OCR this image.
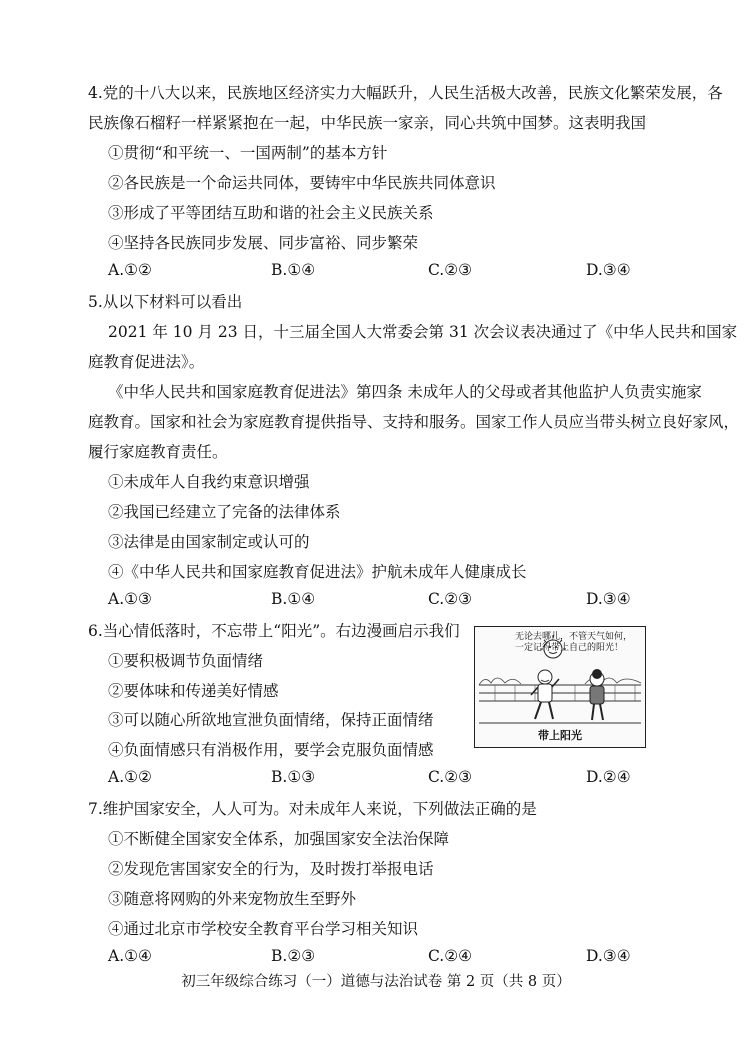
4.党的十八大以来，民族地区经济实力大幅跃升，人民生活极大改善，民族文化繁荣发展，各
民族像石榴籽一样紧紧抱在一起，中华民族一家亲，同心共筑中国梦。这表明我国
①贯彻“和平统一、一国两制”的基本方针
②各民族是一个命运共同体，要铸牢中华民族共同体意识
③形成了平等团结互助和谐的社会主义民族关系
④坚持各民族同步发展、同步富裕、同步繁荣
A.①②	B.①④	C.②③	D.③④
5.从以下材料可以看出
2021 年 10 月 23 日，十三届全国人大常委会第 31 次会议表决通过了《中华人民共和国家
庭教育促进法》。
《中华人民共和国家庭教育促进法》第四条 未成年人的父母或者其他监护人负责实施家
庭教育。国家和社会为家庭教育提供指导、支持和服务。国家工作人员应当带头树立良好家风，
履行家庭教育责任。
①未成年人自我约束意识增强
②我国已经建立了完备的法律体系
③法律是由国家制定或认可的
④《中华人民共和国家庭教育促进法》护航未成年人健康成长
A.①③	B.①④	C.②③	D.③④
6.当心情低落时，不忘带上“阳光”。右边漫画启示我们
①要积极调节负面情绪
②要体味和传递美好情感
③可以随心所欲地宣泄负面情绪，保持正面情绪
④负面情感只有消极作用，要学会克服负面情感
A.①②	B.①③	C.②③	D.②④
无论去哪儿，不管天气如何，
一定记得带上自己的阳光！
带上阳光
7.维护国家安全，人人可为。对未成年人来说，下列做法正确的是
①不断健全国家安全体系，加强国家安全法治保障
②发现危害国家安全的行为，及时拨打举报电话
③随意将网购的外来宠物放生至野外
④通过北京市学校安全教育平台学习相关知识
A.①④	B.②③	C.②④	D.③④
初三年级综合练习（一）道德与法治试卷 第 2 页（共 8 页）
